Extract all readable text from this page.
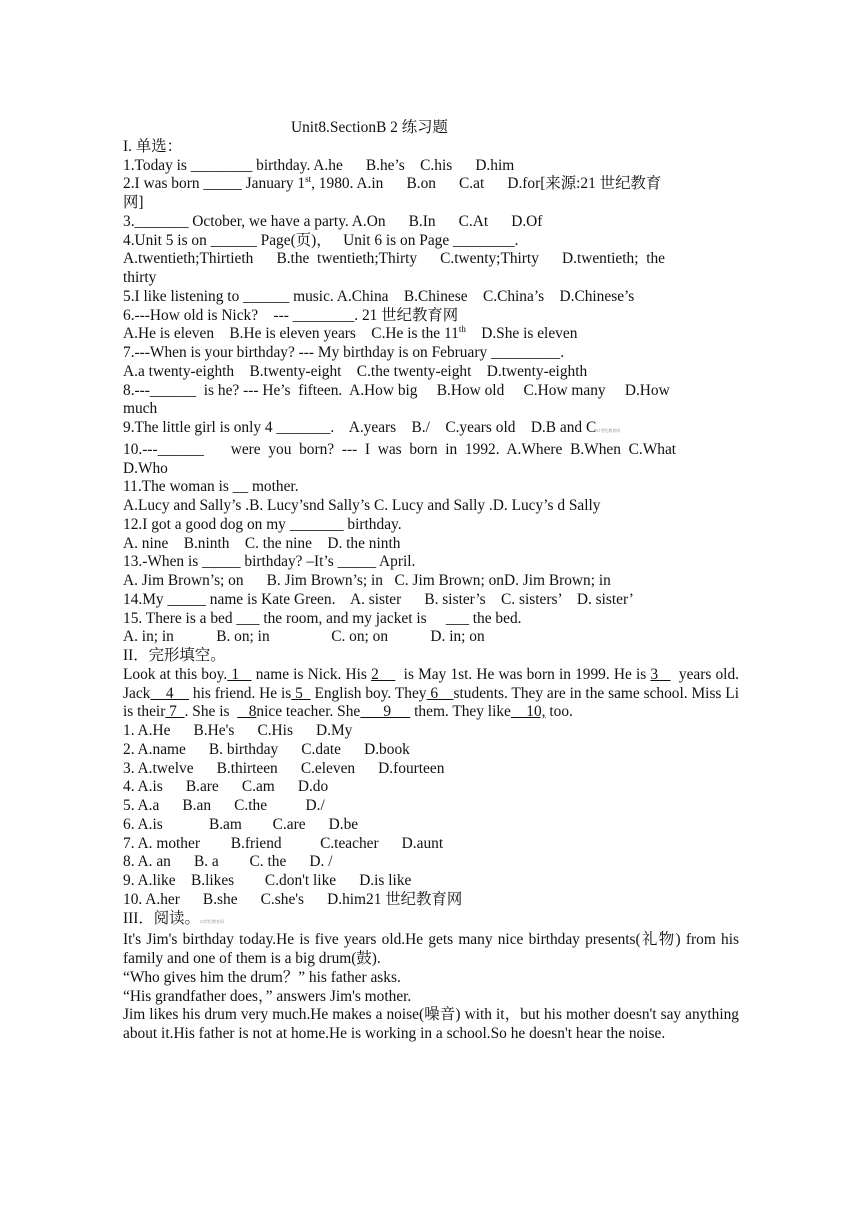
Unit8.SectionB 2 练习题
I. 单选：
1.Today is ________ birthday. A.he      B.he’s    C.his      D.him
2.I was born _____ January 1st, 1980. A.in      B.on      C.at      D.for[来源:21 世纪教育
网]
3._______ October, we have a party. A.On      B.In      C.At      D.Of
4.Unit 5 is on ______ Page(页)，   Unit 6 is on Page ________.
A.twentieth;Thirtieth      B.the  twentieth;Thirty      C.twenty;Thirty      D.twentieth;  the
thirty
5.I like listening to ______ music. A.China    B.Chinese    C.China’s    D.Chinese’s
6.---How old is Nick?    --- ________. 21 世纪教育网
A.He is eleven    B.He is eleven years    C.He is the 11th    D.She is eleven
7.---When is your birthday? --- My birthday is on February _________.
A.a twenty-eighth    B.twenty-eight    C.the twenty-eight    D.twenty-eighth
8.---______  is he? --- He’s  fifteen.  A.How big     B.How old     C.How many     D.How
much
9.The little girl is only 4 _______.    A.years    B./    C.years old    D.B and C21世纪教育网
10.---______       were  you  born?  ---  I  was  born  in  1992.  A.Where  B.When  C.What
D.Who
11.The woman is __ mother.
A.Lucy and Sally’s .B. Lucy’snd Sally’s C. Lucy and Sally .D. Lucy’s d Sally
12.I got a good dog on my _______ birthday.
A. nine    B.ninth    C. the nine    D. the ninth
13.-When is _____ birthday? –It’s _____ April.
A. Jim Brown’s; on      B. Jim Brown’s; in   C. Jim Brown; onD. Jim Brown; in
14.My _____ name is Kate Green.    A. sister      B. sister’s    C. sisters’    D. sister’
15. There is a bed ___ the room, and my jacket is     ___ the bed.
A. in; in           B. on; in                C. on; on           D. in; on
II．完形填空。
Look at this boy. 1    name is Nick. His 2      is May 1st. He was born in 1999. He is 3     years old. Jack    4     his friend. He is 5   English boy. They 6    students. They are in the same school. Miss Li is their 7  . She is     8nice teacher. She      9      them. They like    10, too.
1. A.He      B.He's      C.His      D.My
2. A.name      B. birthday      C.date      D.book
3. A.twelve      B.thirteen      C.eleven      D.fourteen
4. A.is      B.are      C.am      D.do
5. A.a      B.an      C.the          D./
6. A.is            B.am        C.are      D.be
7. A. mother        B.friend          C.teacher      D.aunt
8. A. an      B. a        C. the      D. /
9. A.like    B.likes        C.don't like      D.is like
10. A.her      B.she      C.she's      D.him21 世纪教育网
III．阅读。21世纪教育网
It's Jim's birthday today.He is five years old.He gets many nice birthday presents(礼物) from his family and one of them is a big drum(鼓).
“Who gives him the drum？” his father asks.
“His grandfather does，” answers Jim's mother.
Jim likes his drum very much.He makes a noise(噪音) with it，but his mother doesn't say anything about it.His father is not at home.He is working in a school.So he doesn't hear the noise.
